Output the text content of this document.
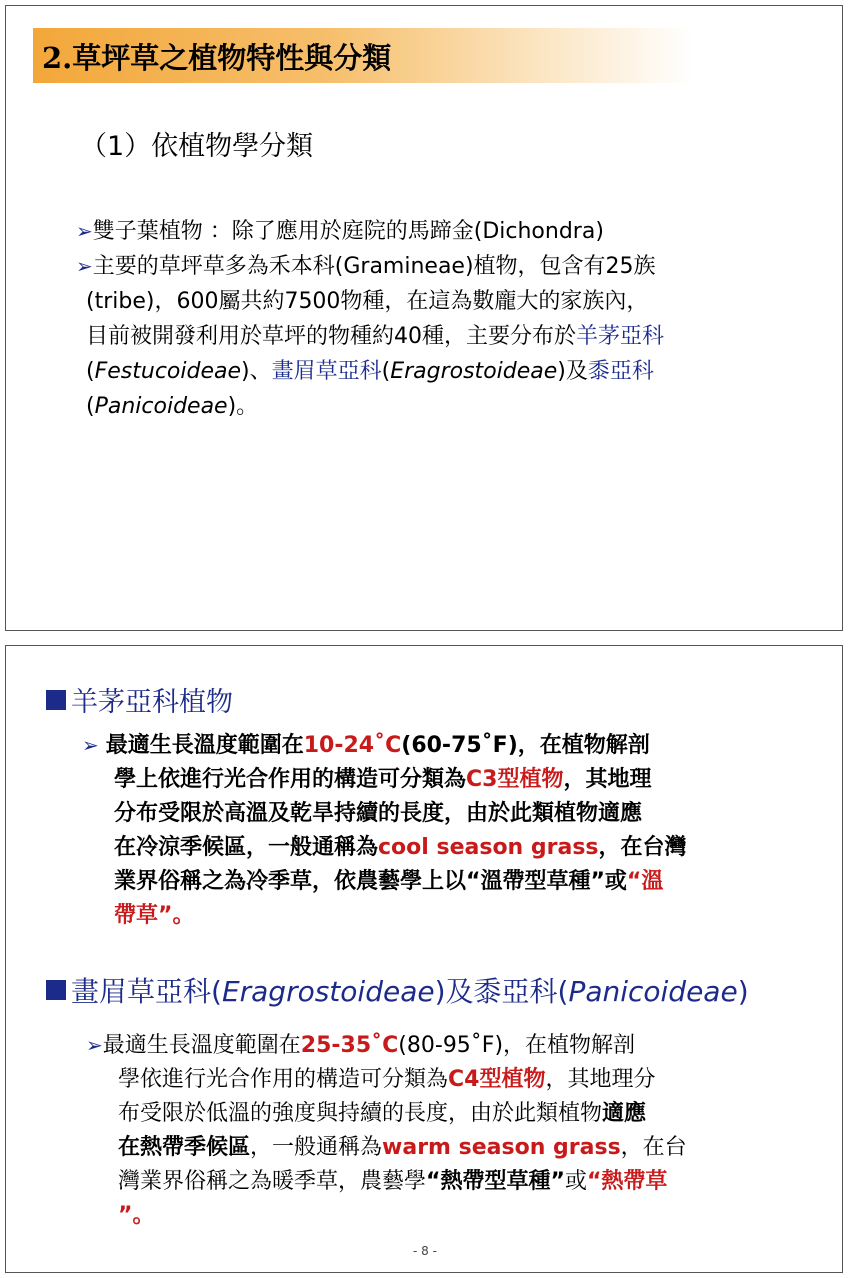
2.草坪草之植物特性與分類
（1）依植物學分類
➢雙子葉植物 ：除了應用於庭院的馬蹄金(Dichondra)
➢主要的草坪草多為禾本科(Gramineae)植物，包含有25族
(tribe)，600屬共約7500物種，在這為數龐大的家族內，
目前被開發利用於草坪的物種約40種，主要分布於羊茅亞科
(Festucoideae)、畫眉草亞科(Eragrostoideae)及黍亞科
(Panicoideae)。
羊茅亞科植物
➢ 最適生長溫度範圍在10-24˚C(60-75˚F)，在植物解剖
學上依進行光合作用的構造可分類為C3型植物，其地理
分布受限於高溫及乾旱持續的長度，由於此類植物適應
在冷涼季候區，一般通稱為cool season grass，在台灣
業界俗稱之為冷季草，依農藝學上以“溫帶型草種”或“溫
帶草”。
畫眉草亞科(Eragrostoideae)及黍亞科(Panicoideae)
➢最適生長溫度範圍在25-35˚C(80-95˚F)，在植物解剖
學依進行光合作用的構造可分類為C4型植物，其地理分
布受限於低溫的強度與持續的長度，由於此類植物適應
在熱帶季候區，一般通稱為warm season grass，在台
灣業界俗稱之為暖季草，農藝學“熱帶型草種”或“熱帶草
”。
- 8 -
